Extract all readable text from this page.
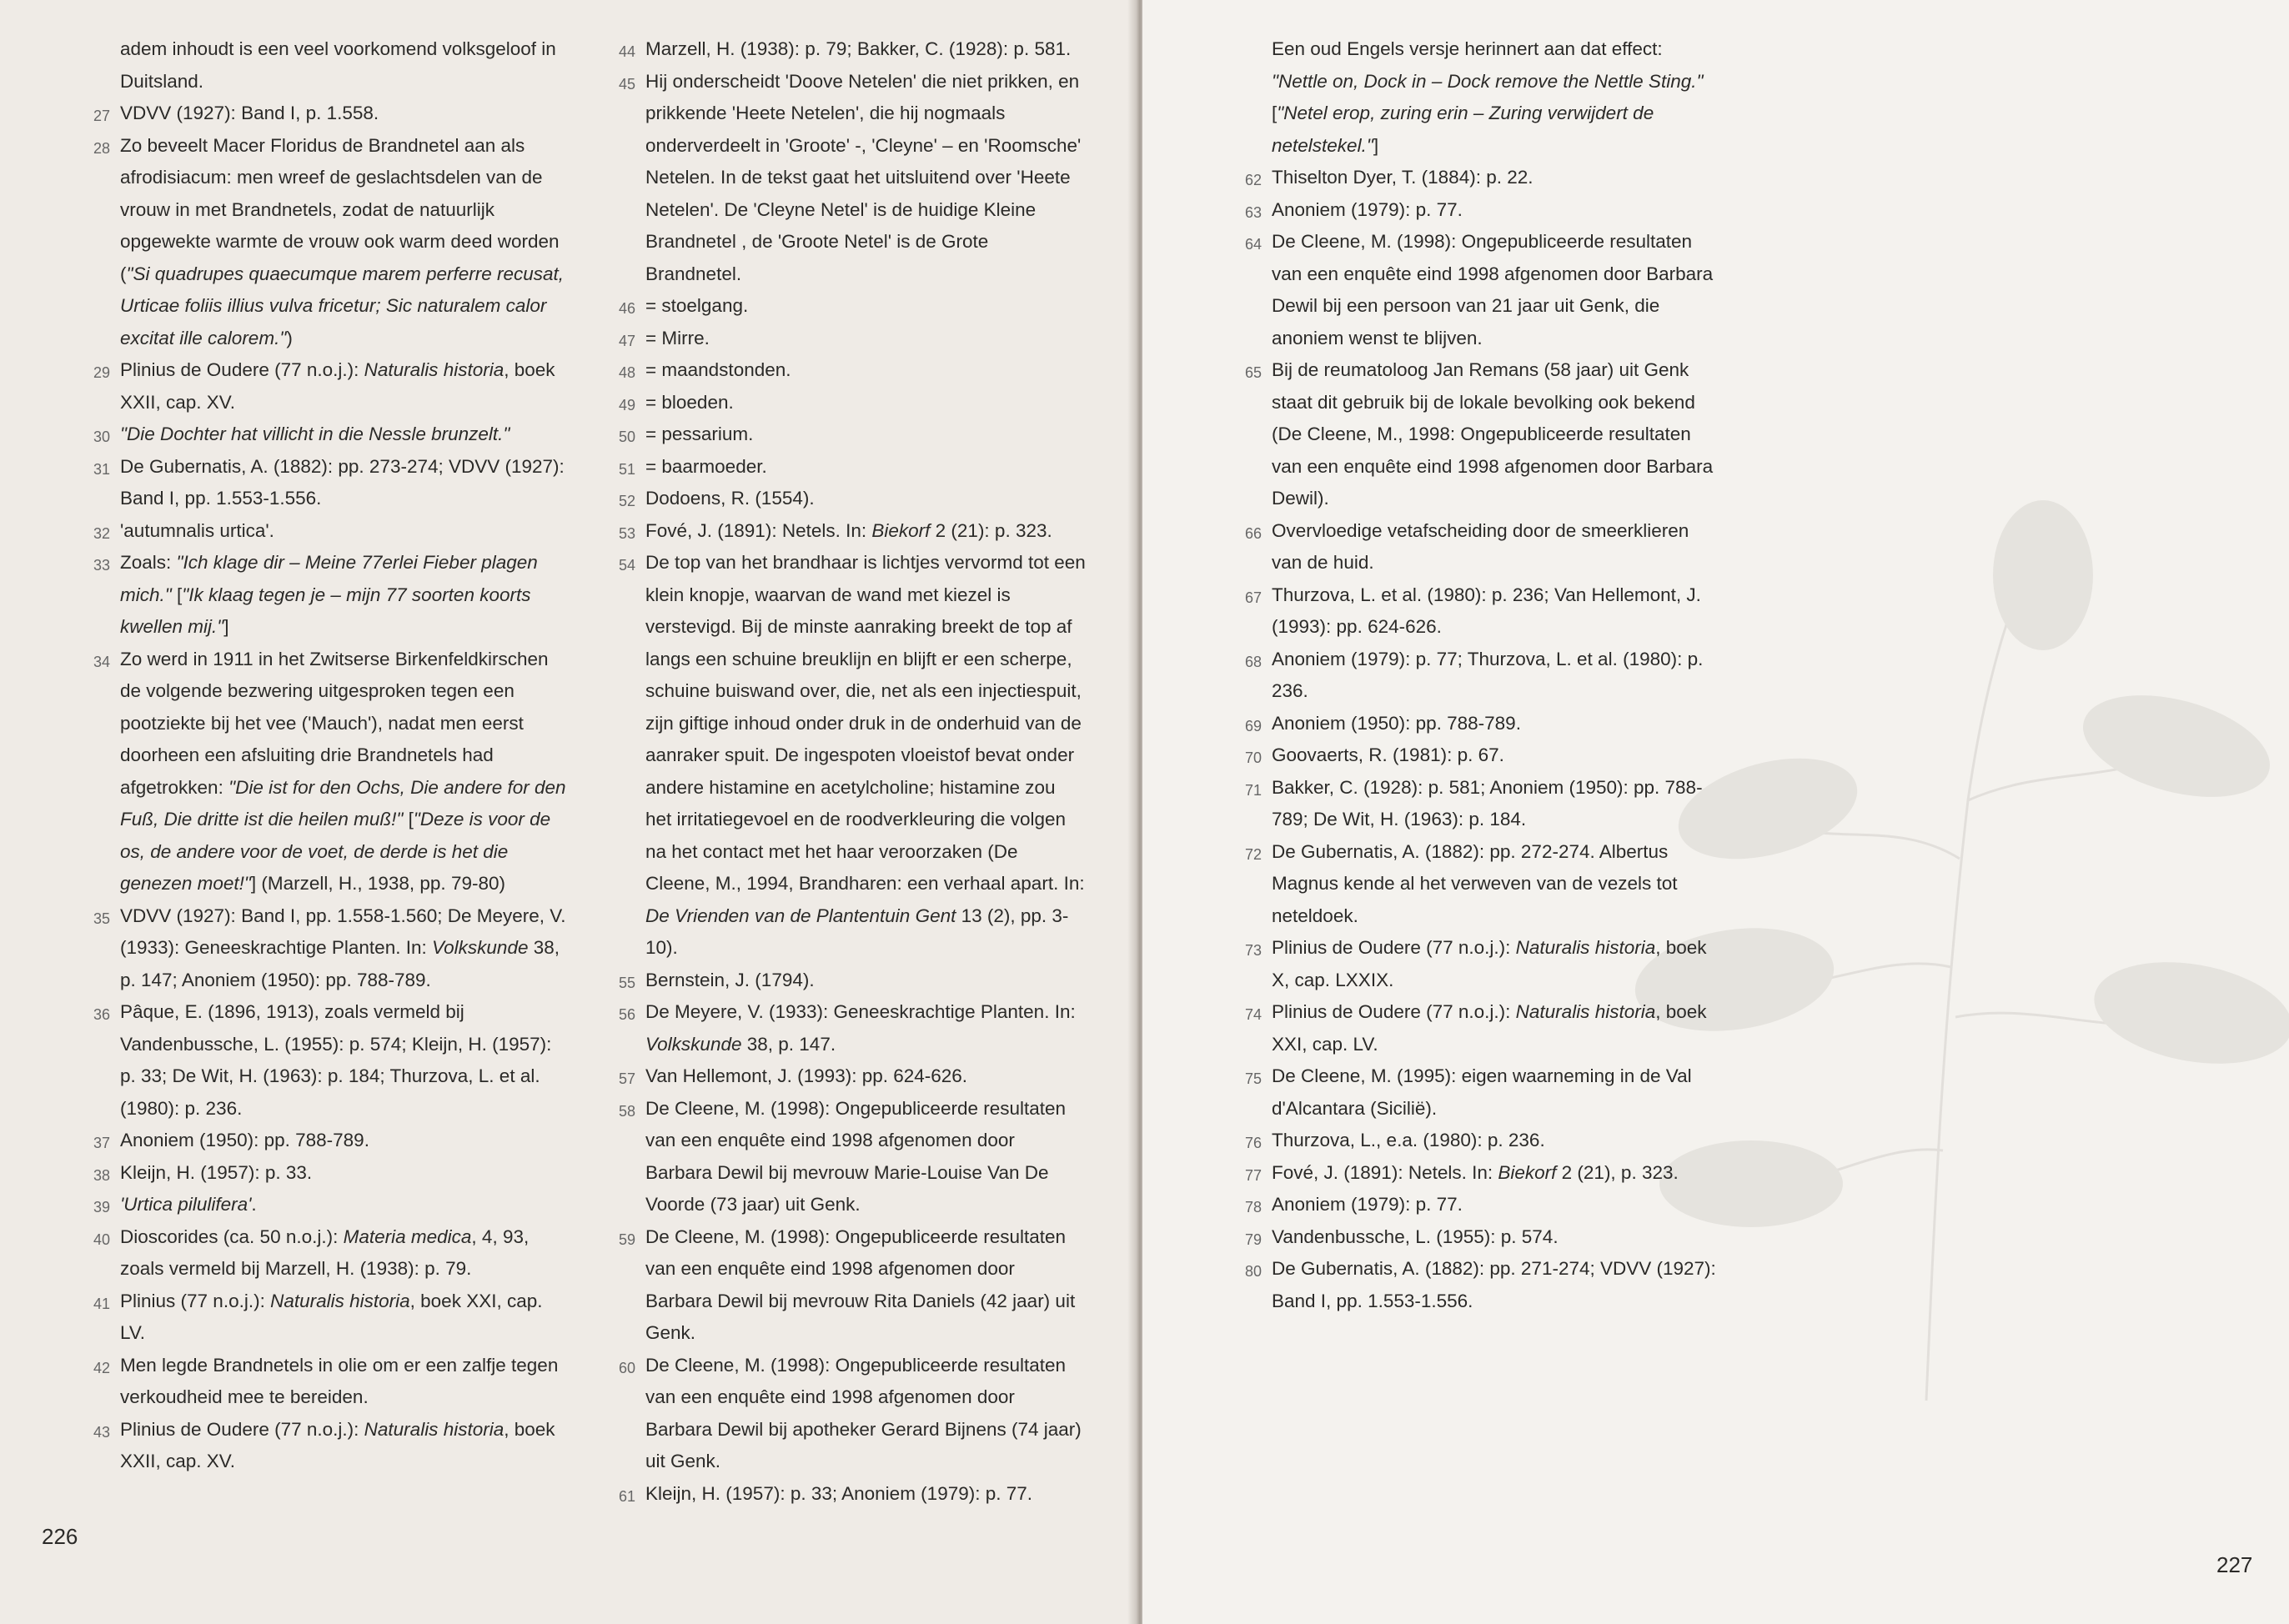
adem inhoudt is een veel voorkomend volksgeloof in Duitsland.
27 VDVV (1927): Band I, p. 1.558.
28 Zo beveelt Macer Floridus de Brandnetel aan als afrodisiacum: men wreef de geslachtsdelen van de vrouw in met Brandnetels, zodat de natuurlijk opgewekte warmte de vrouw ook warm deed worden ("Si quadrupes quaecumque marem perferre recusat, Urticae foliis illius vulva fricetur; Sic naturalem calor excitat ille calorem.")
29 Plinius de Oudere (77 n.o.j.): Naturalis historia, boek XXII, cap. XV.
30 "Die Dochter hat villicht in die Nessle brunzelt."
31 De Gubernatis, A. (1882): pp. 273-274; VDVV (1927): Band I, pp. 1.553-1.556.
32 'autumnalis urtica'.
33 Zoals: "Ich klage dir – Meine 77erlei Fieber plagen mich." ["Ik klaag tegen je – mijn 77 soorten koorts kwellen mij."]
34 Zo werd in 1911 in het Zwitserse Birkenfeldkirschen de volgende bezwering uitgesproken tegen een pootziekte bij het vee ('Mauch'), nadat men eerst doorheen een afsluiting drie Brandnetels had afgetrokken: "Die ist for den Ochs, Die andere for den Fuß, Die dritte ist die heilen muß!" ["Deze is voor de os, de andere voor de voet, de derde is het die genezen moet!"] (Marzell, H., 1938, pp. 79-80)
35 VDVV (1927): Band I, pp. 1.558-1.560; De Meyere, V. (1933): Geneeskrachtige Planten. In: Volkskunde 38, p. 147; Anoniem (1950): pp. 788-789.
36 Pâque, E. (1896, 1913), zoals vermeld bij Vandenbussche, L. (1955): p. 574; Kleijn, H. (1957): p. 33; De Wit, H. (1963): p. 184; Thurzova, L. et al. (1980): p. 236.
37 Anoniem (1950): pp. 788-789.
38 Kleijn, H. (1957): p. 33.
39 'Urtica pilulifera'.
40 Dioscorides (ca. 50 n.o.j.): Materia medica, 4, 93, zoals vermeld bij Marzell, H. (1938): p. 79.
41 Plinius (77 n.o.j.): Naturalis historia, boek XXI, cap. LV.
42 Men legde Brandnetels in olie om er een zalfje tegen verkoudheid mee te bereiden.
43 Plinius de Oudere (77 n.o.j.): Naturalis historia, boek XXII, cap. XV.
44 Marzell, H. (1938): p. 79; Bakker, C. (1928): p. 581.
45 Hij onderscheidt 'Doove Netelen' die niet prikken, en prikkende 'Heete Netelen', die hij nogmaals onderverdeelt in 'Groote' -, 'Cleyne' – en 'Roomsche' Netelen. In de tekst gaat het uitsluitend over 'Heete Netelen'. De 'Cleyne Netel' is de huidige Kleine Brandnetel , de 'Groote Netel' is de Grote Brandnetel.
46 = stoelgang.
47 = Mirre.
48 = maandstonden.
49 = bloeden.
50 = pessarium.
51 = baarmoeder.
52 Dodoens, R. (1554).
53 Fové, J. (1891): Netels. In: Biekorf 2 (21): p. 323.
54 De top van het brandhaar is lichtjes vervormd tot een klein knopje, waarvan de wand met kiezel is verstevigd. Bij de minste aanraking breekt de top af langs een schuine breuklijn en blijft er een scherpe, schuine buiswand over, die, net als een injectiespuit, zijn giftige inhoud onder druk in de onderhuid van de aanraker spuit. De ingespoten vloeistof bevat onder andere histamine en acetylcholine; histamine zou het irritatiegevoel en de roodverkleuring die volgen na het contact met het haar veroorzaken (De Cleene, M., 1994, Brandharen: een verhaal apart. In: De Vrienden van de Plantentuin Gent 13 (2), pp. 3-10).
55 Bernstein, J. (1794).
56 De Meyere, V. (1933): Geneeskrachtige Planten. In: Volkskunde 38, p. 147.
57 Van Hellemont, J. (1993): pp. 624-626.
58 De Cleene, M. (1998): Ongepubliceerde resultaten van een enquête eind 1998 afgenomen door Barbara Dewil bij mevrouw Marie-Louise Van De Voorde (73 jaar) uit Genk.
59 De Cleene, M. (1998): Ongepubliceerde resultaten van een enquête eind 1998 afgenomen door Barbara Dewil bij mevrouw Rita Daniels (42 jaar) uit Genk.
60 De Cleene, M. (1998): Ongepubliceerde resultaten van een enquête eind 1998 afgenomen door Barbara Dewil bij apotheker Gerard Bijnens (74 jaar) uit Genk.
61 Kleijn, H. (1957): p. 33; Anoniem (1979): p. 77.
226
Een oud Engels versje herinnert aan dat effect: "Nettle on, Dock in – Dock remove the Nettle Sting." ["Netel erop, zuring erin – Zuring verwijdert de netelstekel."]
62 Thiselton Dyer, T. (1884): p. 22.
63 Anoniem (1979): p. 77.
64 De Cleene, M. (1998): Ongepubliceerde resultaten van een enquête eind 1998 afgenomen door Barbara Dewil bij een persoon van 21 jaar uit Genk, die anoniem wenst te blijven.
65 Bij de reumatoloog Jan Remans (58 jaar) uit Genk staat dit gebruik bij de lokale bevolking ook bekend (De Cleene, M., 1998: Ongepubliceerde resultaten van een enquête eind 1998 afgenomen door Barbara Dewil).
66 Overvloedige vetafscheiding door de smeerklieren van de huid.
67 Thurzova, L. et al. (1980): p. 236; Van Hellemont, J. (1993): pp. 624-626.
68 Anoniem (1979): p. 77; Thurzova, L. et al. (1980): p. 236.
69 Anoniem (1950): pp. 788-789.
70 Goovaerts, R. (1981): p. 67.
71 Bakker, C. (1928): p. 581; Anoniem (1950): pp. 788-789; De Wit, H. (1963): p. 184.
72 De Gubernatis, A. (1882): pp. 272-274. Albertus Magnus kende al het verweven van de vezels tot neteldoek.
73 Plinius de Oudere (77 n.o.j.): Naturalis historia, boek X, cap. LXXIX.
74 Plinius de Oudere (77 n.o.j.): Naturalis historia, boek XXI, cap. LV.
75 De Cleene, M. (1995): eigen waarneming in de Val d'Alcantara (Sicilië).
76 Thurzova, L., e.a. (1980): p. 236.
77 Fové, J. (1891): Netels. In: Biekorf 2 (21), p. 323.
78 Anoniem (1979): p. 77.
79 Vandenbussche, L. (1955): p. 574.
80 De Gubernatis, A. (1882): pp. 271-274; VDVV (1927): Band I, pp. 1.553-1.556.
227
